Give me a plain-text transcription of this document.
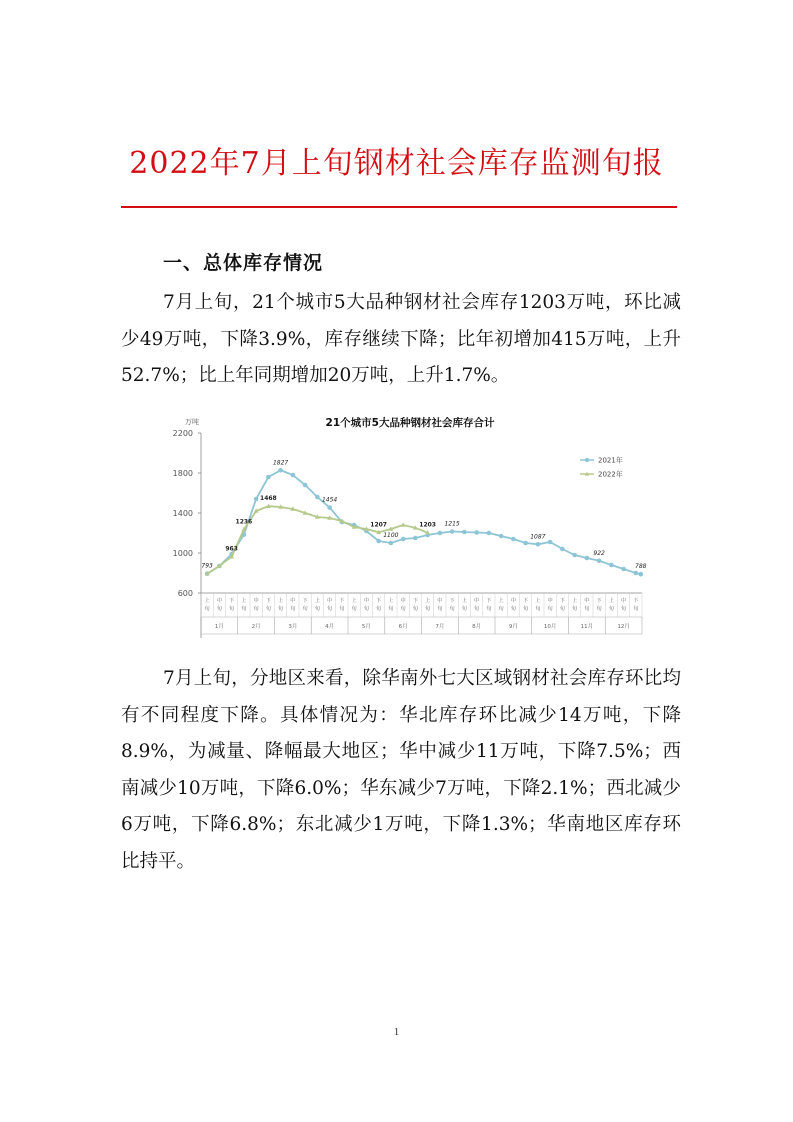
2022年7月上旬钢材社会库存监测旬报
一、总体库存情况
7月上旬，21个城市5大品种钢材社会库存1203万吨，环比减少49万吨，下降3.9%，库存继续下降；比年初增加415万吨，上升52.7%；比上年同期增加20万吨，上升1.7%。
21个城市5大品种钢材社会库存合计
万吨
600
1000
1400
1800
2200
上
旬
中
旬
下
旬
上
旬
中
旬
下
旬
上
旬
中
旬
下
旬
上
旬
中
旬
下
旬
上
旬
中
旬
下
旬
上
旬
中
旬
下
旬
上
旬
中
旬
下
旬
上
旬
中
旬
下
旬
上
旬
中
旬
下
旬
上
旬
中
旬
下
旬
上
旬
中
旬
下
旬
上
旬
中
旬
下
旬
1月	2月	3月	4月	5月	6月	7月	8月	9月	10月	11月	12月
793
1827
1454
1100
1215
1087
922
788
963
1236
1468
1207	1203
2021年
2022年
7月上旬，分地区来看，除华南外七大区域钢材社会库存环比均有不同程度下降。具体情况为：华北库存环比减少14万吨，下降8.9%，为减量、降幅最大地区；华中减少11万吨，下降7.5%；西南减少10万吨，下降6.0%；华东减少7万吨，下降2.1%；西北减少6万吨，下降6.8%；东北减少1万吨，下降1.3%；华南地区库存环比持平。
1
